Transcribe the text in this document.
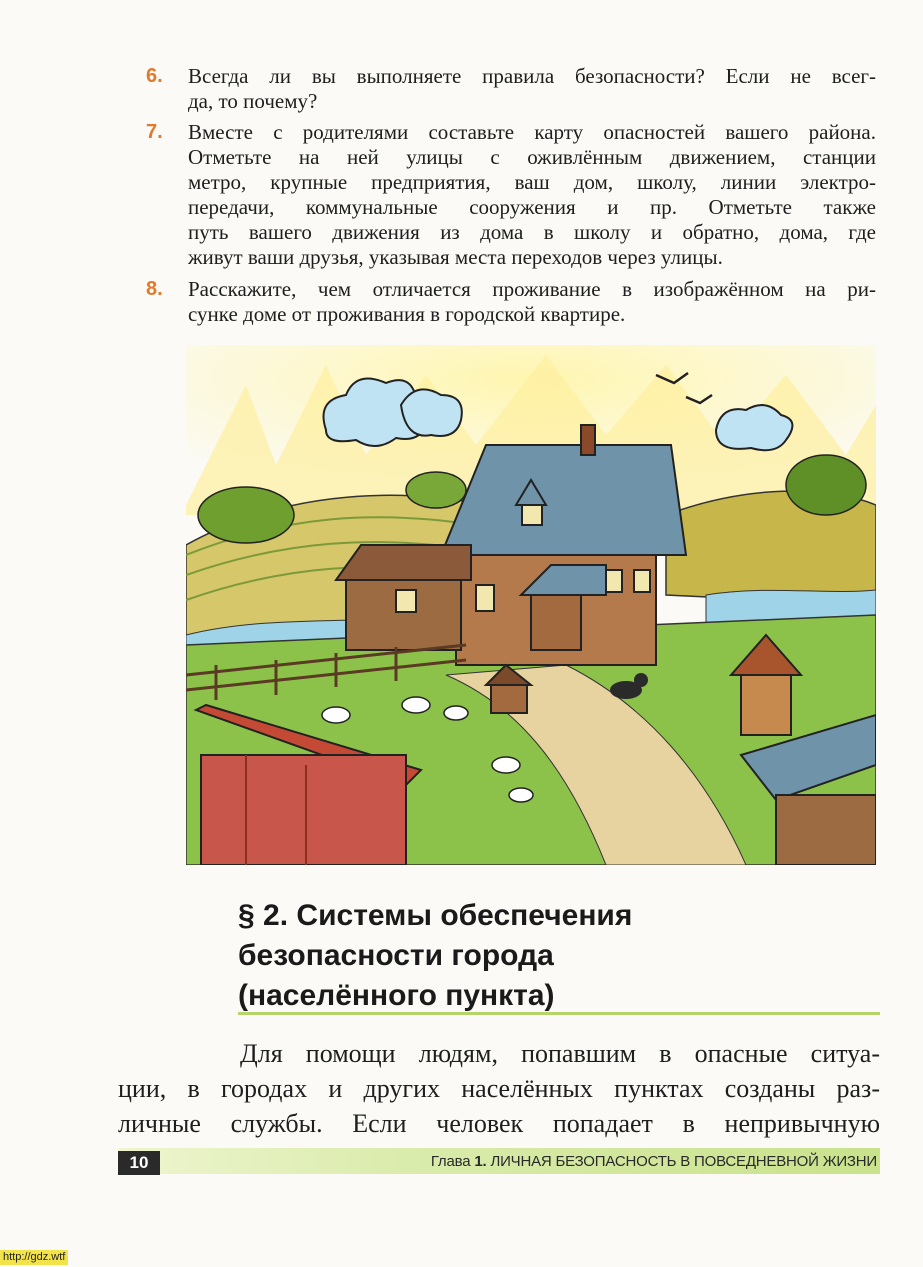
6. Всегда ли вы выполняете правила безопасности? Если не всег-
да, то почему?
7. Вместе с родителями составьте карту опасностей вашего района.
Отметьте на ней улицы с оживлённым движением, станции
метро, крупные предприятия, ваш дом, школу, линии электро-
передачи, коммунальные сооружения и пр. Отметьте также
путь вашего движения из дома в школу и обратно, дома, где
живут ваши друзья, указывая места переходов через улицы.
8. Расскажите, чем отличается проживание в изображённом на ри-
сунке доме от проживания в городской квартире.
§ 2. Системы обеспечения
безопасности города
(населённого пункта)
Для помощи людям, попавшим в опасные ситуа-
ции, в городах и других населённых пунктах созданы раз-
личные службы. Если человек попадает в непривычную
10	Глава 1. ЛИЧНАЯ БЕЗОПАСНОСТЬ В ПОВСЕДНЕВНОЙ ЖИЗНИ
http://gdz.wtf
